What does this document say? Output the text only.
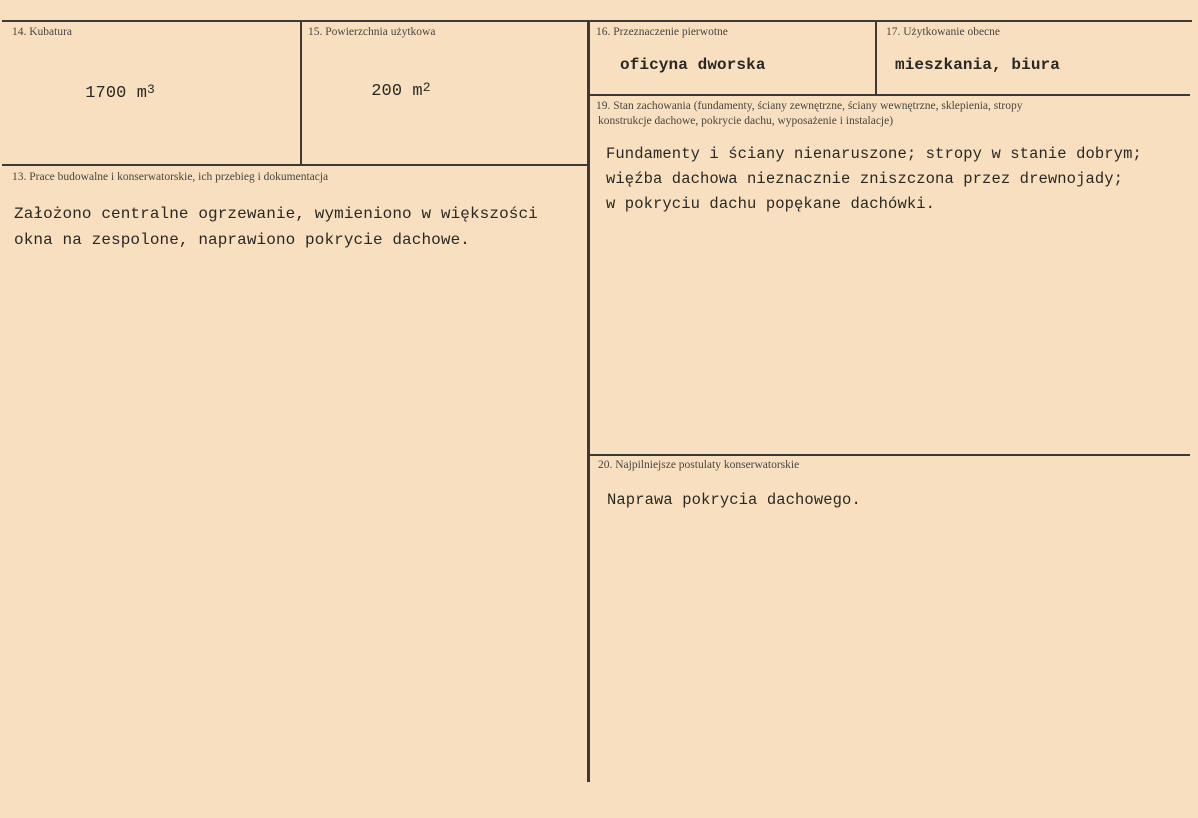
14. Kubatura

1700 $m^3$

15. Powierzchnia użytkowa

200 $m^2$

16. Przeznaczenie pierwotne
oficyna dworska
17. Użytkowanie obecne
mieszkania, biura
13. Prace budowalne i konserwatorskie, ich przebieg i dokumentacja
Założono centralne ogrzewanie, wymieniono w większości
okna na zespolone, naprawiono pokrycie dachowe.
19. Stan zachowania (fundamenty, ściany zewnętrzne, ściany wewnętrzne, sklepienia, stropy
konstrukcje dachowe, pokrycie dachu, wyposażenie i instalacje)
Fundamenty i ściany nienaruszone; stropy w stanie dobrym;
więźba dachowa nieznacznie zniszczona przez drewnojady;
w pokryciu dachu popękane dachówki.
20. Najpilniejsze postulaty konserwatorskie
Naprawa pokrycia dachowego.
